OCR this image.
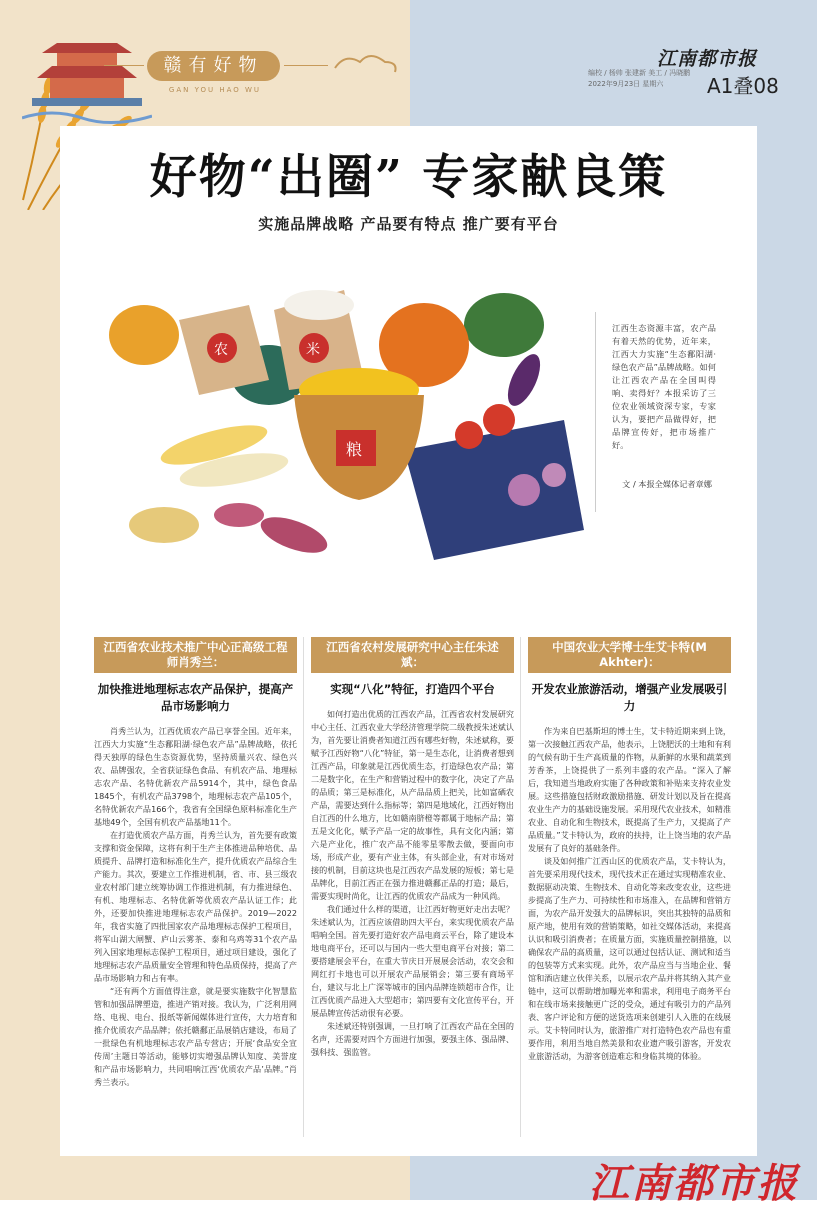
赣有好物
GAN YOU HAO WU
江南都市报
编校 / 杨帅 张建新 美工 / 冯晓鹏
2022年9月23日 星期六	A1叠08
好物“出圈” 专家献良策
实施品牌战略 产品要有特点 推广要有平台
农	米
粮
江西生态资源丰富，农产品有着天然的优势，近年来，江西大力实施“生态鄱阳湖·绿色农产品”品牌战略。如何让江西农产品在全国叫得响、卖得好？本报采访了三位农业领域资深专家，专家认为，要把产品做得好，把品牌宣传好，把市场推广好。
文 / 本报全媒体记者章娜
江西省农业技术推广中心正高级工程师肖秀兰：
加快推进地理标志农产品保护，提高产品市场影响力

肖秀兰认为，江西优质农产品已享誉全国。近年来，江西大力实施“生态鄱阳湖·绿色农产品”品牌战略，依托得天独厚的绿色生态资源优势，坚持质量兴农、绿色兴农、品牌强农，全省获证绿色食品、有机农产品、地理标志农产品、名特优新农产品5914个，其中，绿色食品1845个，有机农产品3798个，地理标志农产品105个，名特优新农产品166个，我省有全国绿色原料标准化生产基地49个，全国有机农产品基地11个。

在打造优质农产品方面，肖秀兰认为，首先要有政策支撑和资金保障，这将有利于生产主体推进品种培优、品质提升、品牌打造和标准化生产，提升优质农产品综合生产能力。其次，要建立工作推进机制，省、市、县三级农业农村部门建立统筹协调工作推进机制，有力推进绿色、有机、地理标志、名特优新等优质农产品认证工作；此外，还要加快推进地理标志农产品保护。2019—2022年，我省实施了四批国家农产品地理标志保护工程项目，将军山湖大闸蟹、庐山云雾茶、泰和乌鸡等31个农产品列入国家地理标志保护工程项目，通过项目建设，强化了地理标志农产品质量安全管理和特色品质保持，提高了产品市场影响力和占有率。

“还有两个方面值得注意，就是要实施数字化智慧监管和加强品牌塑造，推进产销对接。我认为，广泛利用网络、电视、电台、报纸等新闻媒体进行宣传，大力培育和推介优质农产品品牌；依托赣鄱正品展销店建设，布局了一批绿色有机地理标志农产品专营店；开展‘食品安全宣传周’主题日等活动，能够切实增强品牌认知度、美誉度和产品市场影响力，共同唱响江西‘优质农产品’品牌。”肖秀兰表示。

江西省农村发展研究中心主任朱述斌：
实现“八化”特征，打造四个平台

如何打造出优质的江西农产品，江西省农村发展研究中心主任、江西农业大学经济管理学院二级教授朱述斌认为，首先要让消费者知道江西有哪些好物，朱述斌称，要赋予江西好物“八化”特征，第一是生态化，让消费者想到江西产品，印象就是江西优质生态，打造绿色农产品；第二是数字化，在生产和营销过程中的数字化，决定了产品的品质；第三是标准化，从产品品质上把关，比如富硒农产品，需要达到什么指标等；第四是地域化，江西好物出自江西的什么地方，比如赣南脐橙等都属于地标产品；第五是文化化，赋予产品一定的故事性，具有文化内涵；第六是产业化，推广农产品不能零星零散去做，要面向市场，形成产业，要有产业主体，有头部企业，有对市场对接的机制，目前这块也是江西农产品发展的短板；第七是品牌化，目前江西正在强力推进赣鄱正品的打造；最后，需要实现时尚化，让江西的优质农产品成为一种风尚。

我们通过什么样的渠道，让江西好物更好走出去呢？朱述斌认为，江西应该借助四大平台，来实现优质农产品唱响全国。首先要打造好农产品电商云平台，除了建设本地电商平台，还可以与国内一些大型电商平台对接；第二要搭建展会平台，在重大节庆日开展展会活动，农交会和网红打卡地也可以开展农产品展销会；第三要有商场平台，建议与北上广深等城市的国内品牌连锁超市合作，让江西优质产品进入大型超市；第四要有文化宣传平台，开展品牌宣传活动很有必要。

朱述斌还特别强调，一旦打响了江西农产品在全国的名声，还需要对四个方面进行加强，要强主体、强品牌、强科技、强监管。

中国农业大学博士生艾卡特(M Akhter)：
开发农业旅游活动，增强产业发展吸引力

作为来自巴基斯坦的博士生，艾卡特近期来到上饶，第一次接触江西农产品，他表示，上饶肥沃的土地和有利的气候有助于生产高质量的作物，从新鲜的水果和蔬菜到芳香茶，上饶提供了一系列丰盛的农产品。“深入了解后，我知道当地政府实施了各种政策和补贴来支持农业发展。这些措施包括财政激励措施、研发计划以及旨在提高农业生产力的基础设施发展。采用现代农业技术，如精准农业、自动化和生物技术，既提高了生产力，又提高了产品质量。”艾卡特认为，政府的扶持，让上饶当地的农产品发展有了良好的基础条件。

谈及如何推广江西山区的优质农产品，艾卡特认为，首先要采用现代技术，现代技术正在通过实现精准农业、数据驱动决策、生物技术、自动化等来改变农业，这些进步提高了生产力、可持续性和市场准入，在品牌和营销方面，为农产品开发强大的品牌标识，突出其独特的品质和原产地，使用有效的营销策略，如社交媒体活动，来提高认识和吸引消费者；在质量方面，实施质量控制措施，以确保农产品的高质量，这可以通过包括认证、测试和适当的包装等方式来实现。此外，农产品应当与当地企业、餐馆和酒店建立伙伴关系，以展示农产品并将其纳入其产业链中，这可以帮助增加曝光率和需求，利用电子商务平台和在线市场来接触更广泛的受众，通过有吸引力的产品列表、客户评论和方便的送货选项来创建引人入胜的在线展示。艾卡特同时认为，旅游推广对打造特色农产品也有重要作用，利用当地自然美景和农业遗产吸引游客，开发农业旅游活动，为游客创造难忘和身临其境的体验。

江南都市报
